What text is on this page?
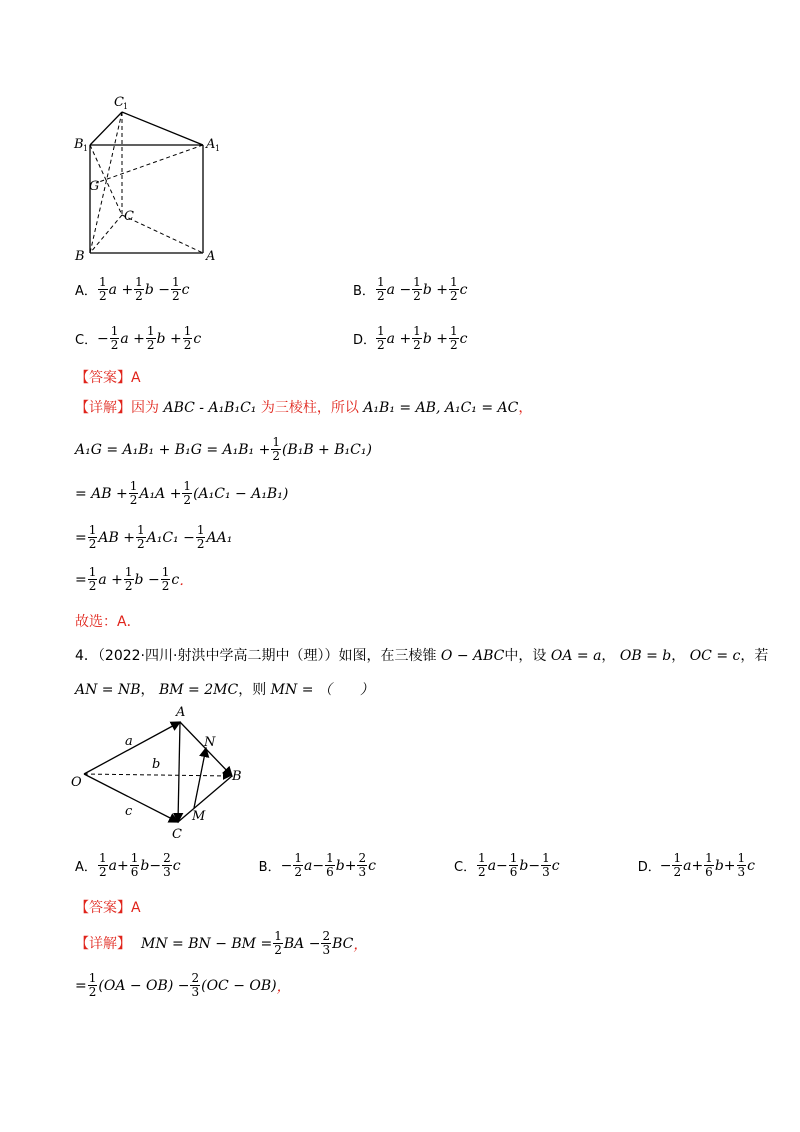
C 1
B 1	A 1
G
C
B	A
A． $\frac{1}{2}$ $a + \frac{1}{2}$ $b - \frac{1}{2}$ c	B． $\frac{1}{2}$ $a - \frac{1}{2}$ $b + \frac{1}{2}$ c
C． − $\frac{1}{2}$ $a + \frac{1}{2}$ $b + \frac{1}{2}$ c	D． $\frac{1}{2}$ $a + \frac{1}{2}$ $b + \frac{1}{2}$ c
【答案】A
【详解】因为 ABC - A₁B₁C₁ 为三棱柱，所以 A₁B₁ = AB, A₁C₁ = AC，
$A_1G = A_1B_1 + B_1G = A_1B_1 + \frac{1}{2} (B_1B + B_1C_1)$
= AB + $\frac{1}{2} A_1A + \frac{1}{2} (A_1C_1 - A_1B_1)$
= $\frac{1}{2}$ AB + $\frac{1}{2} A_1C_1 - \frac{1}{2} AA_1$
= $\frac{1}{2}$ $a + \frac{1}{2}$ $b - \frac{1}{2}$ c ．
故选：A．
4．（2022·四川·射洪中学高二期中（理））如图，在三棱锥 O − ABC中，设 OA = a， OB = b， OC = c，若
AN = NB， BM = 2MC，则 MN = （　　）
A
N
a
b
O	B
c	M
C
A． $\frac{1}{2}$ $a + \frac{1}{6}$ $b - \frac{2}{3}$ c	B． − $\frac{1}{2}$ $a - \frac{1}{6}$ $b + \frac{2}{3}$ c	C． $\frac{1}{2}$ $a - \frac{1}{6}$ $b - \frac{1}{3}$ c	D．
− $\frac{1}{2}$ $a + \frac{1}{6}$ $b + \frac{1}{3}$ c
【答案】A
【详解】 MN = BN − BM = $\frac{1}{2}$ BA − $\frac{2}{3}$ BC ，
= $\frac{1}{2} (OA - OB) - \frac{2}{3} (OC - OB)$ ，
